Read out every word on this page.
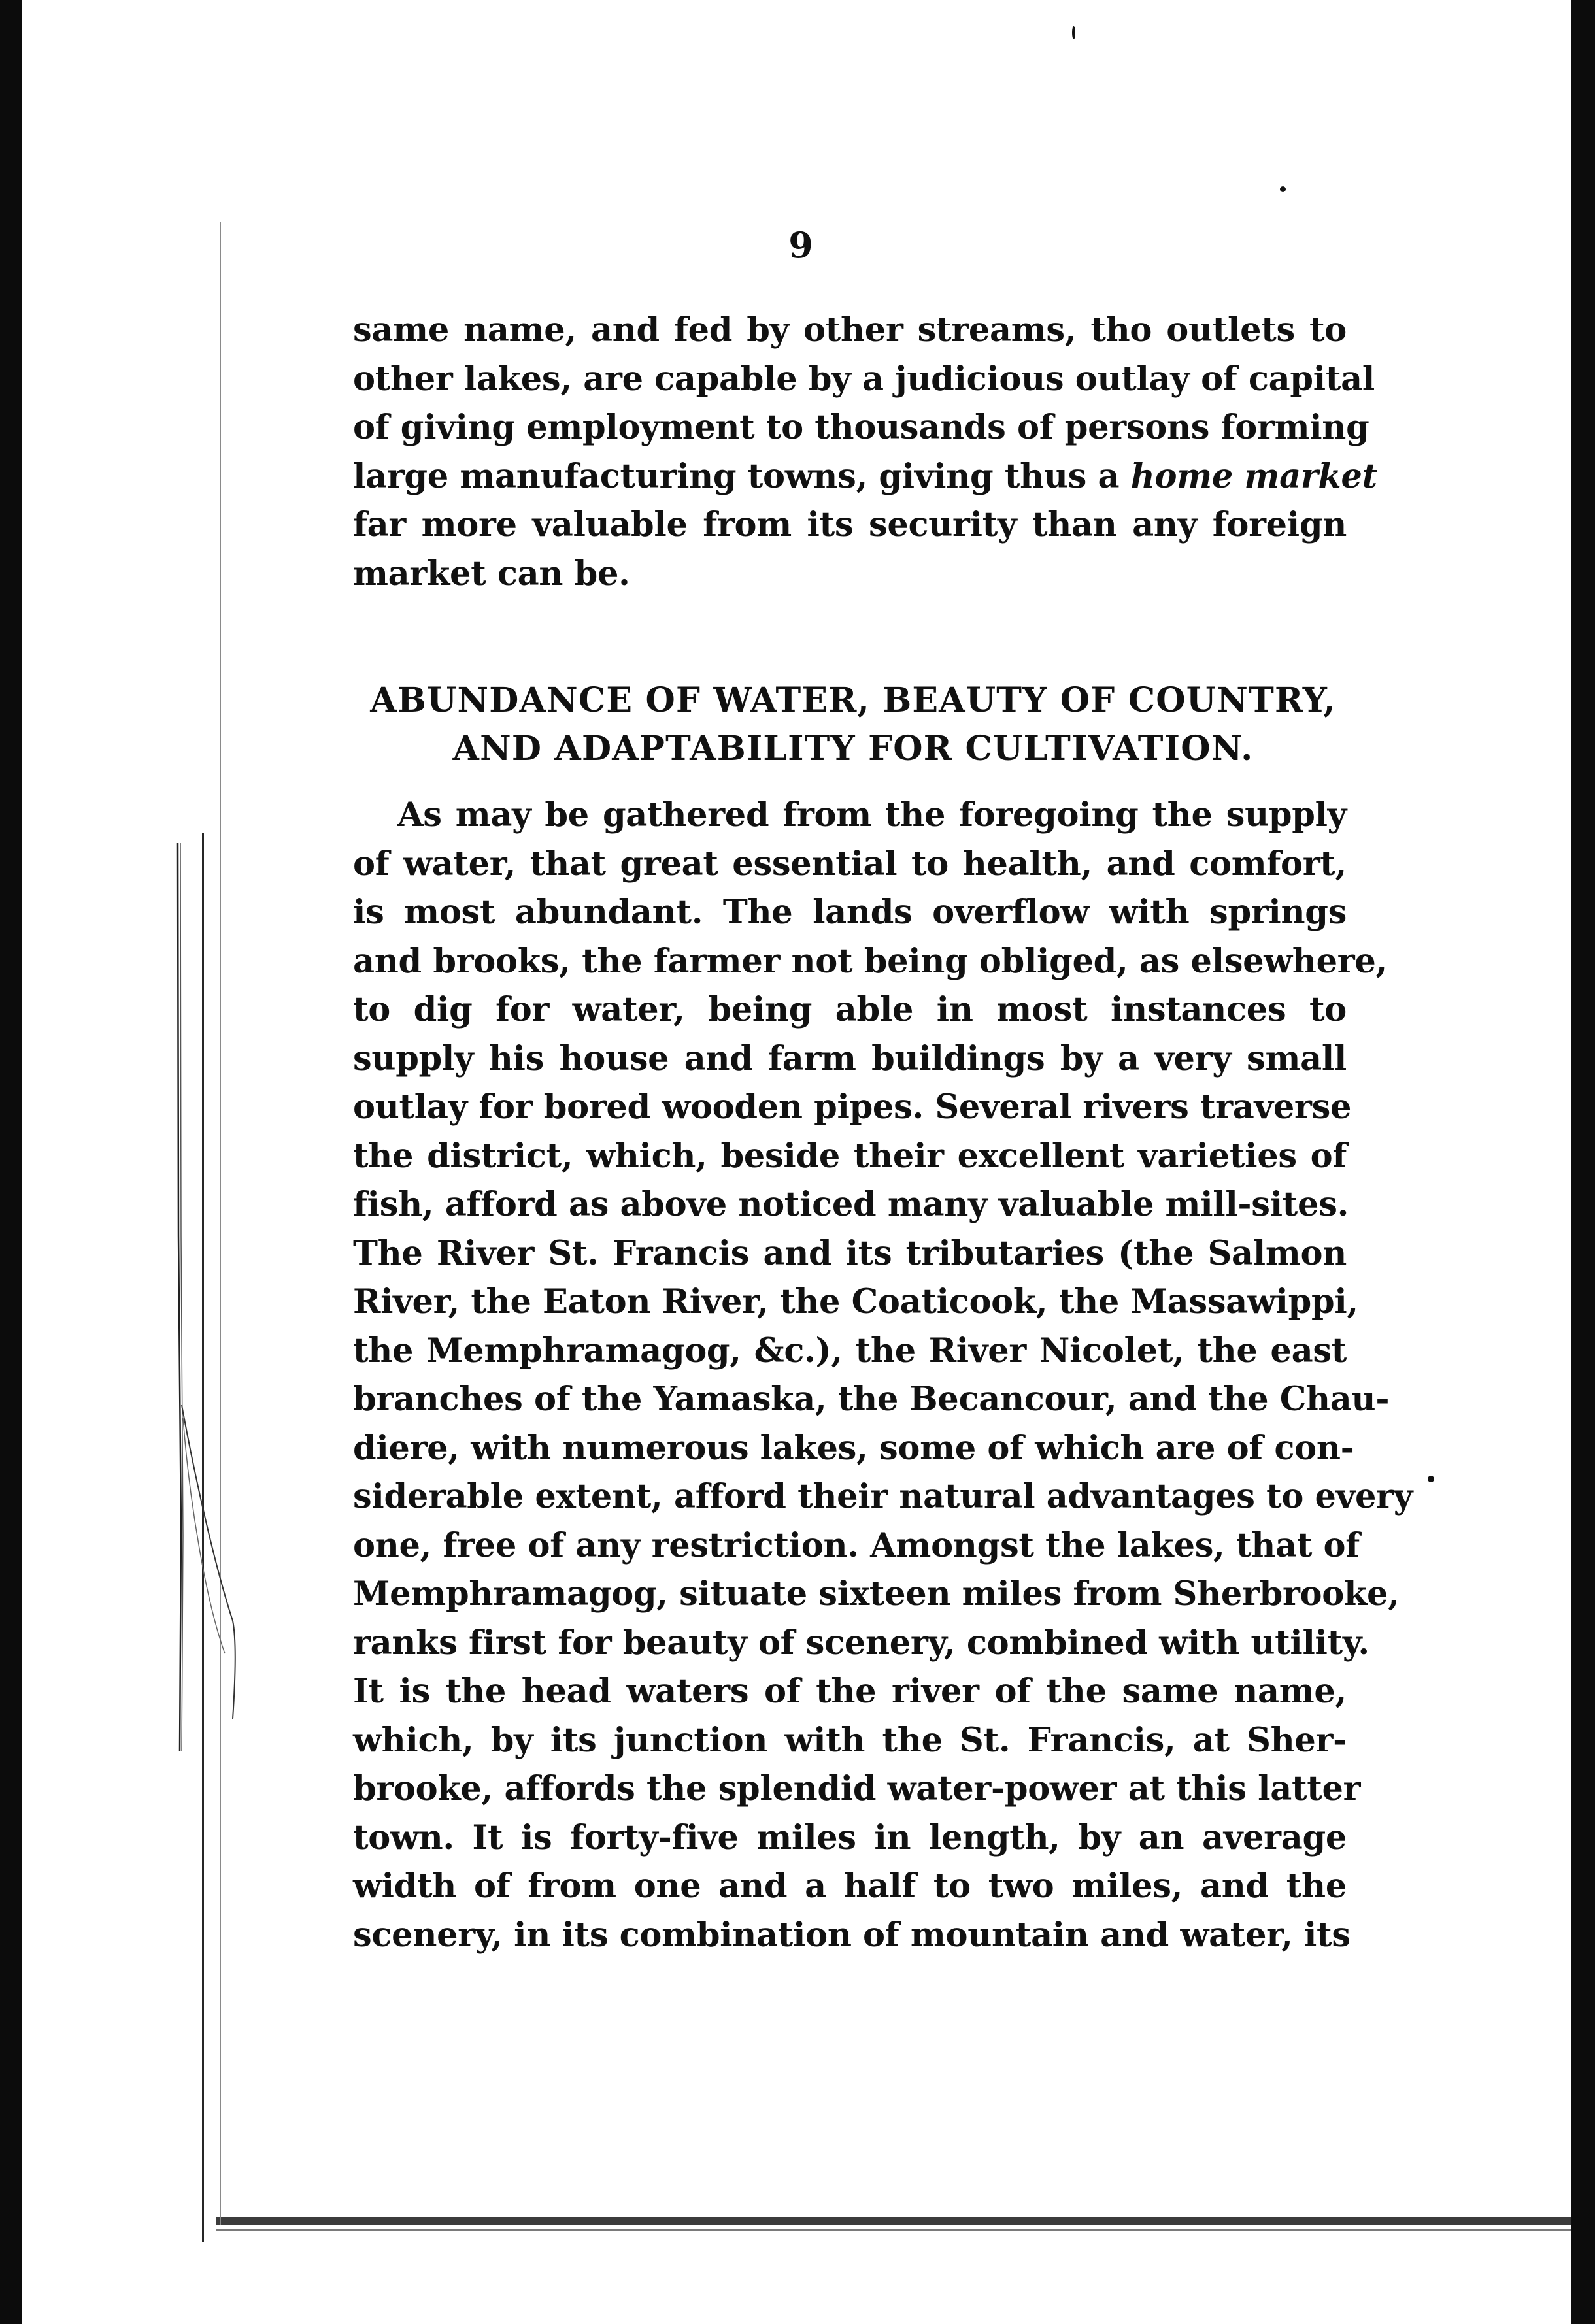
9
same name, and fed by other streams, tho outlets to
other lakes, are capable by a judicious outlay of capital
of giving employment to thousands of persons forming
large manufacturing towns, giving thus a home market
far more valuable from its security than any foreign
market can be.
ABUNDANCE OF WATER, BEAUTY OF COUNTRY,
AND ADAPTABILITY FOR CULTIVATION.
As may be gathered from the foregoing the supply
of water, that great essential to health, and comfort,
is most abundant. The lands overflow with springs
and brooks, the farmer not being obliged, as elsewhere,
to dig for water, being able in most instances to
supply his house and farm buildings by a very small
outlay for bored wooden pipes. Several rivers traverse
the district, which, beside their excellent varieties of
fish, afford as above noticed many valuable mill-sites.
The River St. Francis and its tributaries (the Salmon
River, the Eaton River, the Coaticook, the Massawippi,
the Memphramagog, &c.), the River Nicolet, the east
branches of the Yamaska, the Becancour, and the Chau-
diere, with numerous lakes, some of which are of con-
siderable extent, afford their natural advantages to every
one, free of any restriction. Amongst the lakes, that of
Memphramagog, situate sixteen miles from Sherbrooke,
ranks first for beauty of scenery, combined with utility.
It is the head waters of the river of the same name,
which, by its junction with the St. Francis, at Sher-
brooke, affords the splendid water-power at this latter
town. It is forty-five miles in length, by an average
width of from one and a half to two miles, and the
scenery, in its combination of mountain and water, its
